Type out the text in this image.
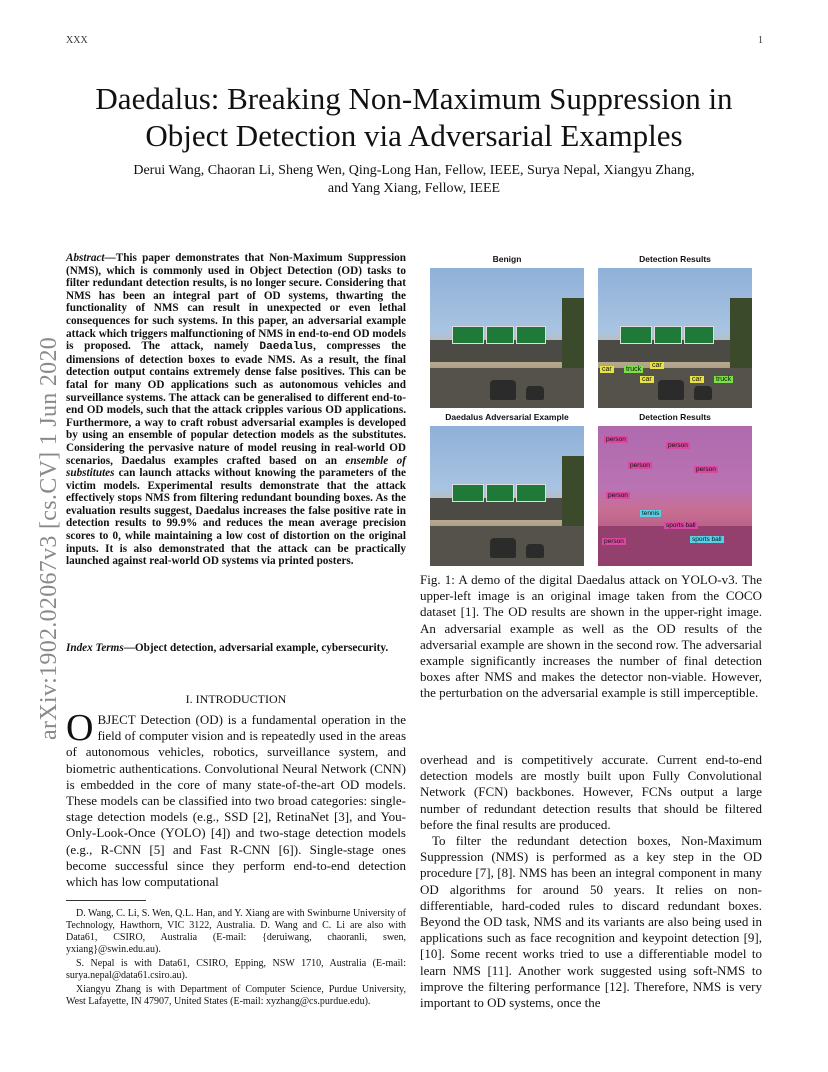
XXX	1
arXiv:1902.02067v3 [cs.CV] 1 Jun 2020
Daedalus: Breaking Non-Maximum Suppression in Object Detection via Adversarial Examples
Derui Wang, Chaoran Li, Sheng Wen, Qing-Long Han, Fellow, IEEE, Surya Nepal, Xiangyu Zhang,
and Yang Xiang, Fellow, IEEE

Abstract—This paper demonstrates that Non-Maximum Suppression (NMS), which is commonly used in Object Detection (OD) tasks to filter redundant detection results, is no longer secure. Considering that NMS has been an integral part of OD systems, thwarting the functionality of NMS can result in unexpected or even lethal consequences for such systems. In this paper, an adversarial example attack which triggers malfunctioning of NMS in end-to-end OD models is proposed. The attack, namely Daedalus, compresses the dimensions of detection boxes to evade NMS. As a result, the final detection output contains extremely dense false positives. This can be fatal for many OD applications such as autonomous vehicles and surveillance systems. The attack can be generalised to different end-to-end OD models, such that the attack cripples various OD applications. Furthermore, a way to craft robust adversarial examples is developed by using an ensemble of popular detection models as the substitutes. Considering the pervasive nature of model reusing in real-world OD scenarios, Daedalus examples crafted based on an ensemble of substitutes can launch attacks without knowing the parameters of the victim models. Experimental results demonstrate that the attack effectively stops NMS from filtering redundant bounding boxes. As the evaluation results suggest, Daedalus increases the false positive rate in detection results to 99.9% and reduces the mean average precision scores to 0, while maintaining a low cost of distortion on the original inputs. It is also demonstrated that the attack can be practically launched against real-world OD systems via printed posters.

Index Terms—Object detection, adversarial example, cybersecurity.
I. INTRODUCTION
OBJECT Detection (OD) is a fundamental operation in the field of computer vision and is repeatedly used in the areas of autonomous vehicles, robotics, surveillance system, and biometric authentications. Convolutional Neural Network (CNN) is embedded in the core of many state-of-the-art OD models. These models can be classified into two broad categories: single-stage detection models (e.g., SSD [2], RetinaNet [3], and You-Only-Look-Once (YOLO) [4]) and two-stage detection models (e.g., R-CNN [5] and Fast R-CNN [6]). Single-stage ones become successful since they perform end-to-end detection which has low computational

D. Wang, C. Li, S. Wen, Q.L. Han, and Y. Xiang are with Swinburne University of Technology, Hawthorn, VIC 3122, Australia. D. Wang and C. Li are also with Data61, CSIRO, Australia (E-mail: {deruiwang, chaoranli, swen, yxiang}@swin.edu.au).

S. Nepal is with Data61, CSIRO, Epping, NSW 1710, Australia (E-mail: surya.nepal@data61.csiro.au).

Xiangyu Zhang is with Department of Computer Science, Purdue University, West Lafayette, IN 47907, United States (E-mail: xyzhang@cs.purdue.edu).

Benign	Detection Results
car truck
car
car	car truck
Daedalus Adversarial Example	Detection Results
person
person
person
person
person
sports ball
tennis
person	sports ball
Fig. 1: A demo of the digital Daedalus attack on YOLO-v3. The upper-left image is an original image taken from the COCO dataset [1]. The OD results are shown in the upper-right image. An adversarial example as well as the OD results of the adversarial example are shown in the second row. The adversarial example significantly increases the number of final detection boxes after NMS and makes the detector non-viable. However, the perturbation on the adversarial example is still imperceptible.

overhead and is competitively accurate. Current end-to-end detection models are mostly built upon Fully Convolutional Network (FCN) backbones. However, FCNs output a large number of redundant detection results that should be filtered before the final results are produced.

To filter the redundant detection boxes, Non-Maximum Suppression (NMS) is performed as a key step in the OD procedure [7], [8]. NMS has been an integral component in many OD algorithms for around 50 years. It relies on non-differentiable, hard-coded rules to discard redundant boxes. Beyond the OD task, NMS and its variants are also being used in applications such as face recognition and keypoint detection [9], [10]. Some recent works tried to use a differentiable model to learn NMS [11]. Another work suggested using soft-NMS to improve the filtering performance [12]. Therefore, NMS is very important to OD systems, once the
